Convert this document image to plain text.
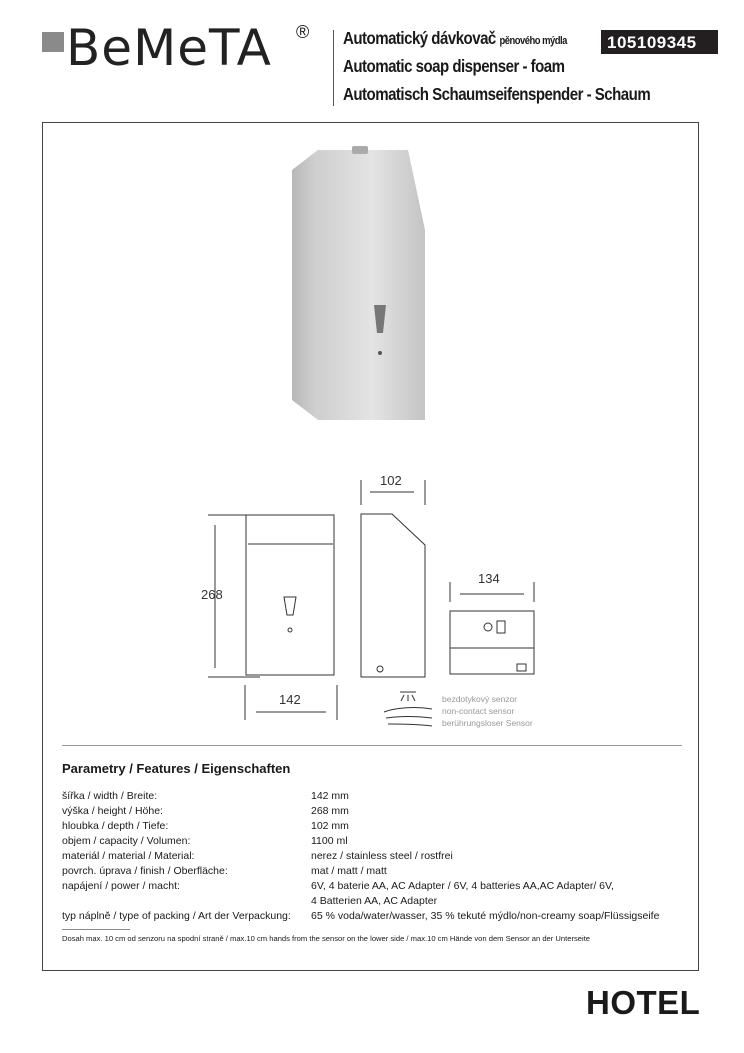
BeMeTA ® Automatický dávkovač pěnového mýdla
Automatic soap dispenser - foam
Automatisch Schaumseifenspender - Schaum
105109345
102
268
142
134
bezdotykový senzor
non-contact sensor
berührungsloser Sensor
Parametry / Features / Eigenschaften
šířka / width / Breite:	142 mm
výška / height / Höhe:	268 mm
hloubka / depth / Tiefe:	102 mm
objem / capacity / Volumen:	1100 ml
materiál / material / Material:	nerez / stainless steel / rostfrei
povrch. úprava / finish / Oberfläche:	mat / matt / matt
napájení / power / macht:	6V, 4 baterie AA, AC Adapter / 6V, 4 batteries AA,AC Adapter/ 6V,
4 Batterien AA, AC Adapter
typ náplně / type of packing / Art der Verpackung: 65 % voda/water/wasser, 35 % tekuté mýdlo/non-creamy soap/Flüssigseife
Dosah max. 10 cm od senzoru na spodní straně / max.10 cm hands from the sensor on the lower side / max.10 cm Hände von dem Sensor an der Unterseite
HOTEL
